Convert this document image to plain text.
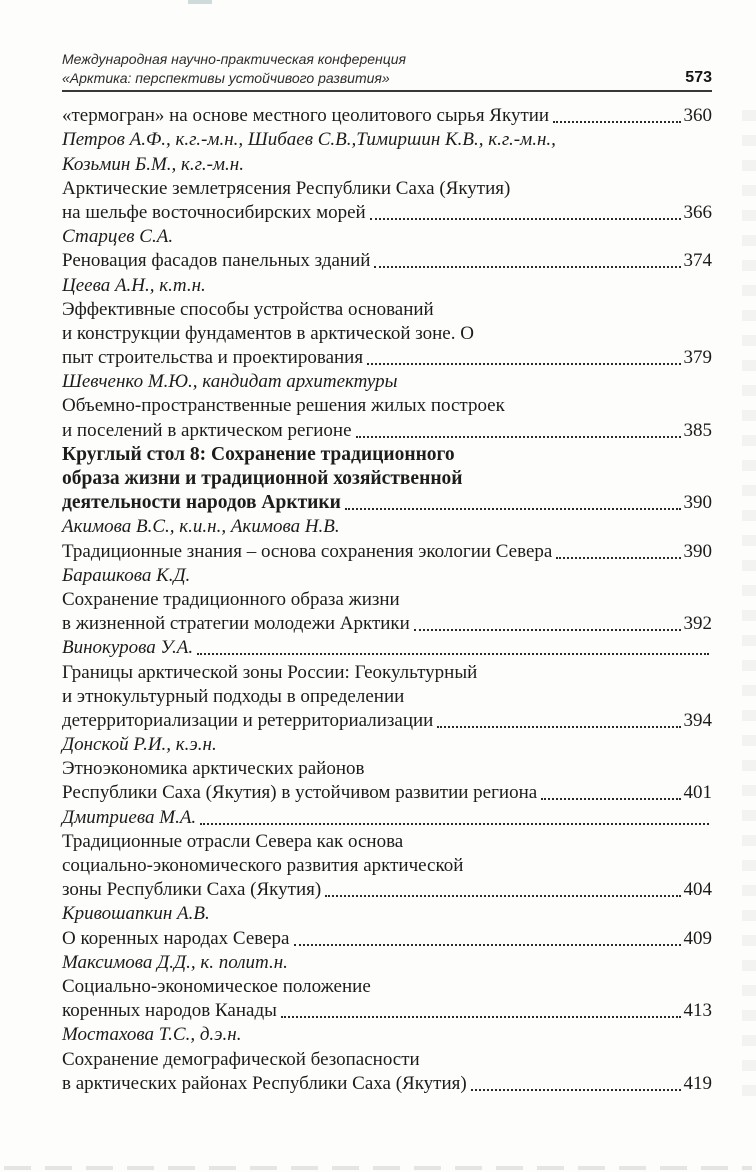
Международная научно-практическая конференция
«Арктика: перспективы устойчивого развития»	573
«термогран» на основе местного цеолитового сырья Якутии	360
Петров А.Ф., к.г.-м.н., Шибаев С.В.,Тимиршин К.В., к.г.-м.н.,
Козьмин Б.М., к.г.-м.н.
Арктические землетрясения Республики Саха (Якутия)
на шельфе восточносибирских морей	366
Старцев С.А.
Реновация фасадов панельных зданий	374
Цеева А.Н., к.т.н.
Эффективные способы устройства оснований
и конструкции фундаментов в арктической зоне. О
пыт строительства и проектирования	379
Шевченко М.Ю., кандидат архитектуры
Объемно-пространственные решения жилых построек
и поселений в арктическом регионе	385
Круглый стол 8: Сохранение традиционного
образа жизни и традиционной хозяйственной
деятельности народов Арктики	390
Акимова В.С., к.и.н., Акимова Н.В.
Традиционные знания – основа сохранения экологии Севера	390
Барашкова К.Д.
Сохранение традиционного образа жизни
в жизненной стратегии молодежи Арктики	392
Винокурова У.А.
Границы арктической зоны России: Геокультурный
и этнокультурный подходы в определении
детерриториализации и ретерриториализации	394
Донской Р.И., к.э.н.
Этноэкономика арктических районов
Республики Саха (Якутия) в устойчивом развитии региона	401
Дмитриева М.А.
Традиционные отрасли Севера как основа
социально-экономического развития арктической
зоны Республики Саха (Якутия)	404
Кривошапкин А.В.
О коренных народах Севера	409
Максимова Д.Д., к. полит.н.
Социально-экономическое положение
коренных народов Канады	413
Мостахова Т.С., д.э.н.
Сохранение демографической безопасности
в арктических районах Республики Саха (Якутия)	419
